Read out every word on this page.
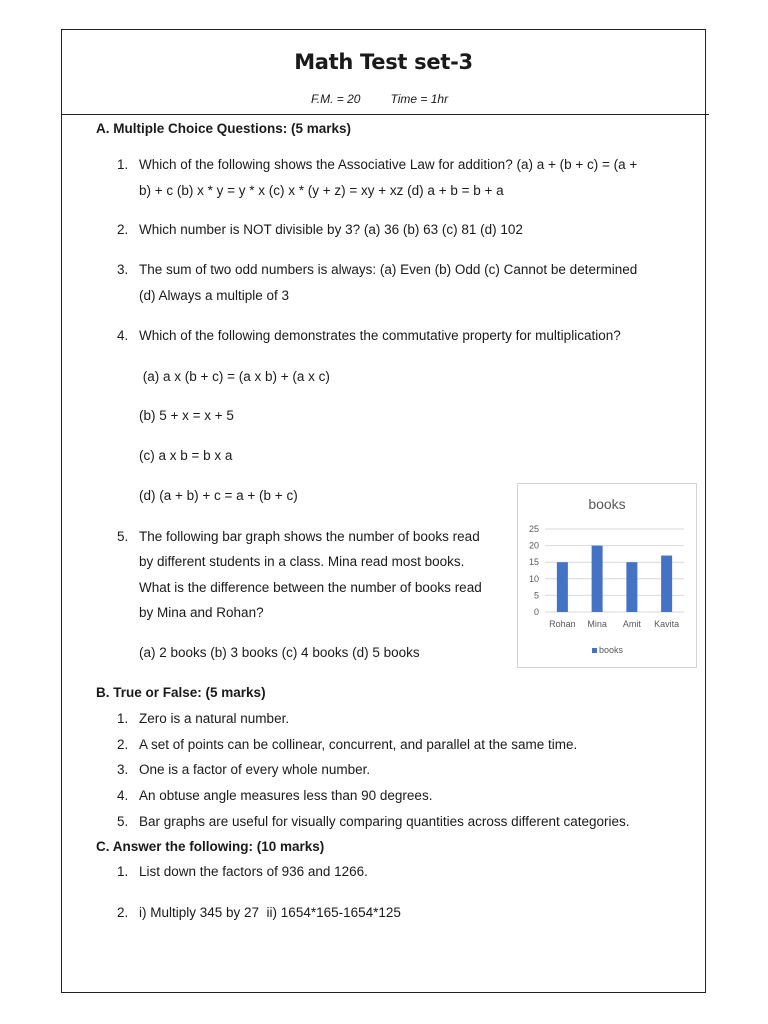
Math Test set-3
F.M. = 20	Time = 1hr
A. Multiple Choice Questions: (5 marks)
1. Which of the following shows the Associative Law for addition? (a) a + (b + c) = (a +
b) + c (b) x * y = y * x (c) x * (y + z) = xy + xz (d) a + b = b + a
2. Which number is NOT divisible by 3? (a) 36 (b) 63 (c) 81 (d) 102
3. The sum of two odd numbers is always: (a) Even (b) Odd (c) Cannot be determined
(d) Always a multiple of 3
4. Which of the following demonstrates the commutative property for multiplication?
(a) a x (b + c) = (a x b) + (a x c)
(b) 5 + x = x + 5
(c) a x b = b x a
(d) (a + b) + c = a + (b + c)
5. The following bar graph shows the number of books read
by different students in a class. Mina read most books.
What is the difference between the number of books read
by Mina and Rohan?
(a) 2 books (b) 3 books (c) 4 books (d) 5 books
books
0
5
10
15
20
25
Rohan Mina Amit Kavita
books
B. True or False: (5 marks)
1. Zero is a natural number.
2. A set of points can be collinear, concurrent, and parallel at the same time.
3. One is a factor of every whole number.
4. An obtuse angle measures less than 90 degrees.
5. Bar graphs are useful for visually comparing quantities across different categories.
C. Answer the following: (10 marks)
1. List down the factors of 936 and 1266.
2. i) Multiply 345 by 27  ii) 1654*165-1654*125
